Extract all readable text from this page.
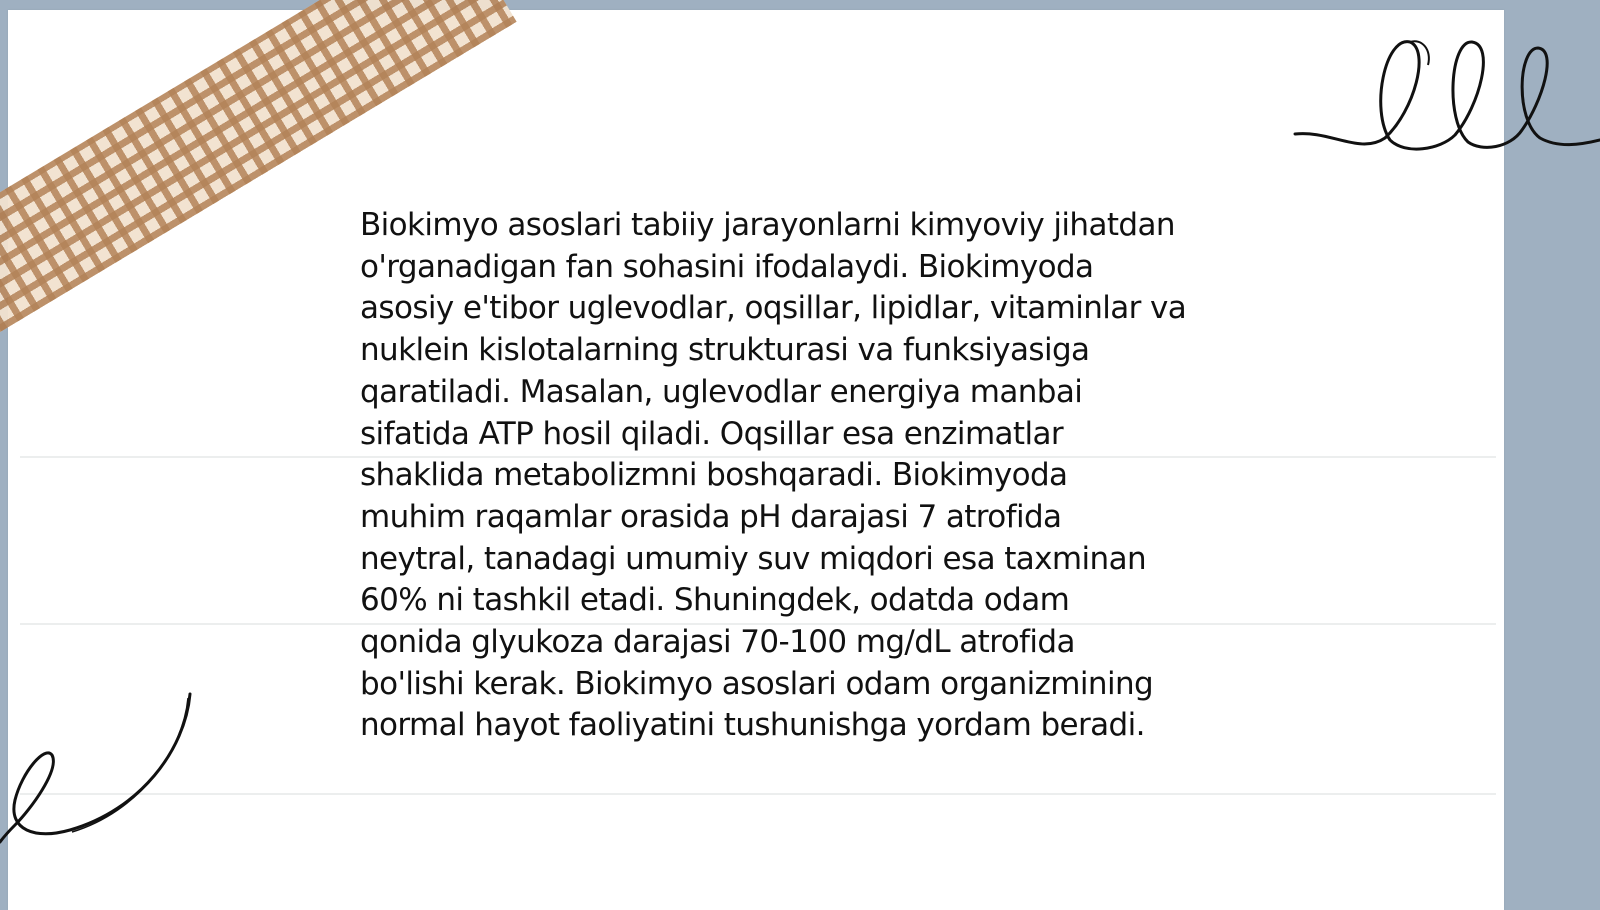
Biokimyo asoslari tabiiy jarayonlarni kimyoviy jihatdan
o'rganadigan fan sohasini ifodalaydi. Biokimyoda
asosiy e'tibor uglevodlar, oqsillar, lipidlar, vitaminlar va
nuklein kislotalarning strukturasi va funksiyasiga
qaratiladi. Masalan, uglevodlar energiya manbai
sifatida ATP hosil qiladi. Oqsillar esa enzimatlar
shaklida metabolizmni boshqaradi. Biokimyoda
muhim raqamlar orasida pH darajasi 7 atrofida
neytral, tanadagi umumiy suv miqdori esa taxminan
60% ni tashkil etadi. Shuningdek, odatda odam
qonida glyukoza darajasi 70-100 mg/dL atrofida
bo'lishi kerak. Biokimyo asoslari odam organizmining
normal hayot faoliyatini tushunishga yordam beradi.
